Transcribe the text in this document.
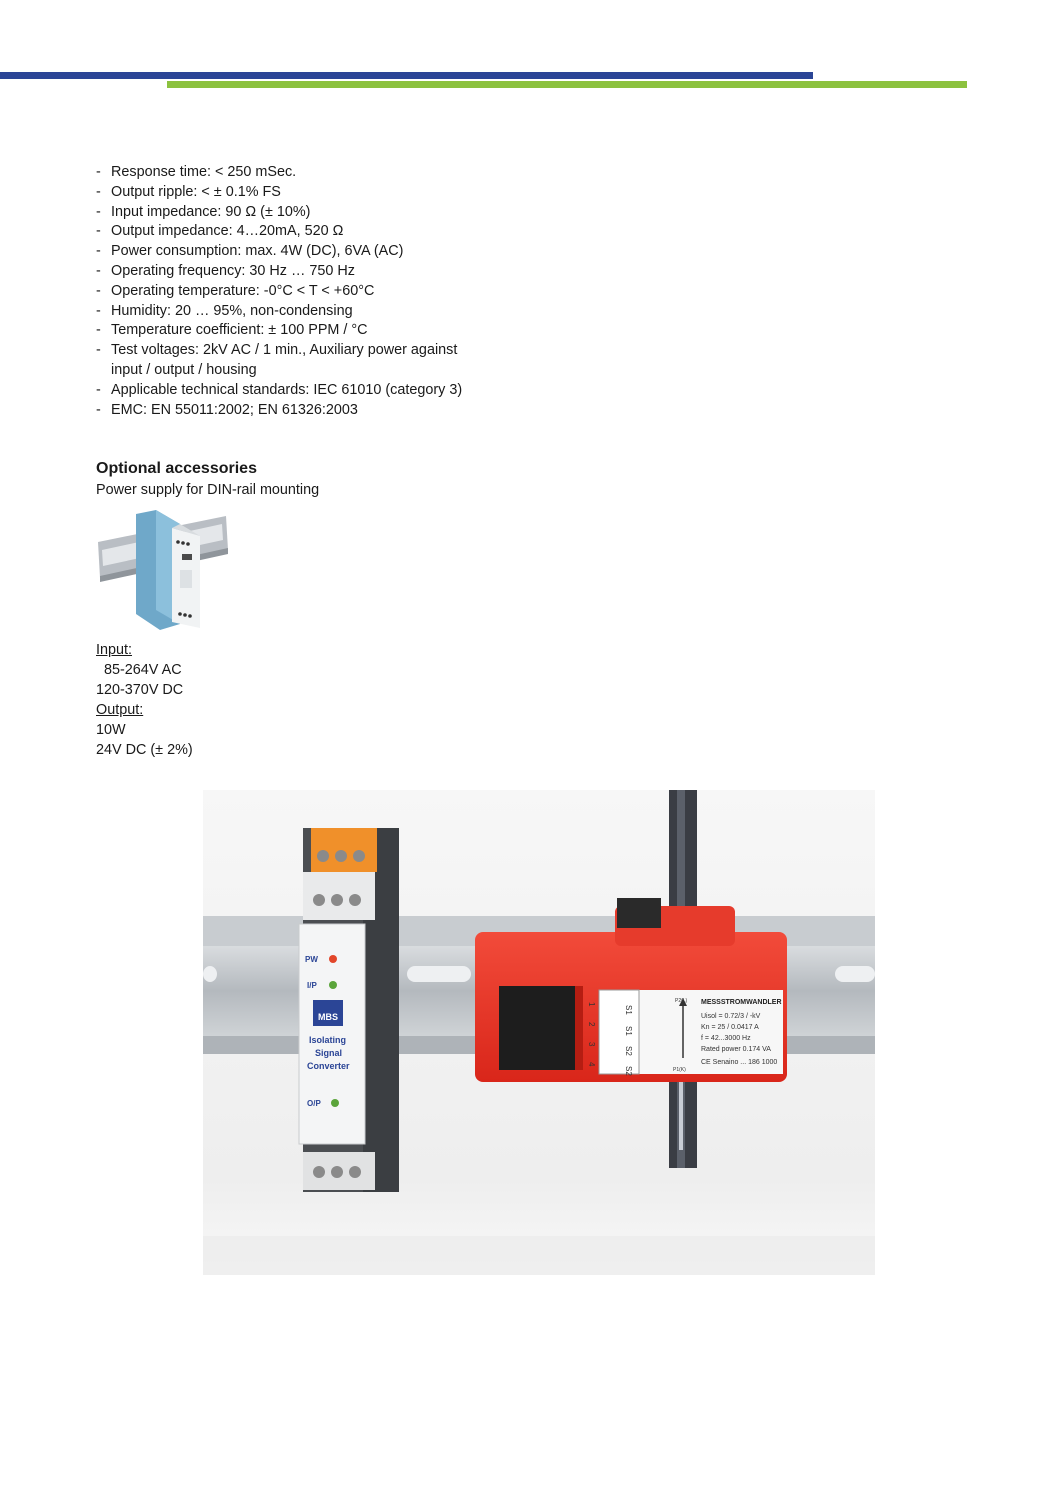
- Response time: < 250 mSec.
- Output ripple: < ± 0.1% FS
- Input impedance: 90 Ω (± 10%)
- Output impedance: 4…20mA, 520 Ω
- Power consumption: max. 4W (DC), 6VA (AC)
- Operating frequency: 30 Hz … 750 Hz
- Operating temperature: -0°C < T < +60°C
- Humidity: 20 … 95%, non-condensing
- Temperature coefficient: ± 100 PPM / °C
- Test voltages: 2kV AC / 1 min., Auxiliary power against
input / output / housing
- Applicable technical standards: IEC 61010 (category 3)
- EMC: EN 55011:2002; EN 61326:2003
Optional accessories
Power supply for DIN-rail mounting
Input:
85-264V AC
120-370V DC
Output:
10W
24V DC (± 2%)
S1
S1
S2
S2
1
2
3
4
P2(L)
P1(K)
MESSSTROMWANDLER
Uisol = 0.72/3 / -kV
Kn = 25 / 0.0417 A
f = 42...3000 Hz
Rated power 0.174 VA
CE Senaino ... 186 1000
PW
I/P
MBS
Isolating
Signal
Converter
O/P
